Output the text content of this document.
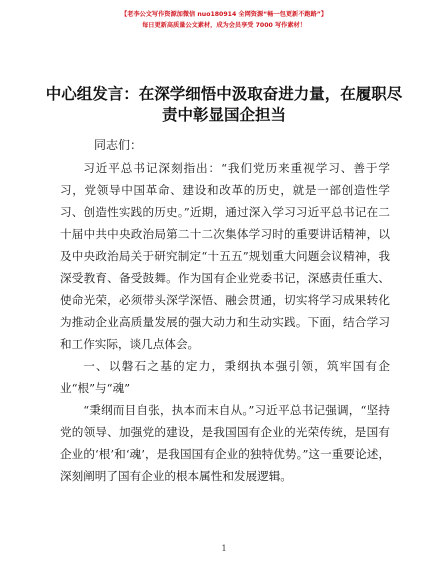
【老李公文写作资源加微信 nuo180914 全网资源“畅一包更新不跑路”】
每日更新高质量公文素材，成为会员享受 7000 写作素材！
中心组发言：在深学细悟中汲取奋进力量，在履职尽责中彰显国企担当
同志们：

习近平总书记深刻指出：“我们党历来重视学习、善于学习，党领导中国革命、建设和改革的历史，就是一部创造性学习、创造性实践的历史。”近期，通过深入学习习近平总书记在二十届中共中央政治局第二十二次集体学习时的重要讲话精神，以及中央政治局关于研究制定“十五五”规划重大问题会议精神，我深受教育、备受鼓舞。作为国有企业党委书记，深感责任重大、使命光荣，必须带头深学深悟、融会贯通，切实将学习成果转化为推动企业高质量发展的强大动力和生动实践。下面，结合学习和工作实际，谈几点体会。

一、以磐石之基的定力，秉纲执本强引领，筑牢国有企业“根”与“魂”

“秉纲而目自张，执本而末自从。”习近平总书记强调，“坚持党的领导、加强党的建设，是我国国有企业的光荣传统，是国有企业的‘根’和‘魂’，是我国国有企业的独特优势。”这一重要论述，深刻阐明了国有企业的根本属性和发展逻辑。

1
